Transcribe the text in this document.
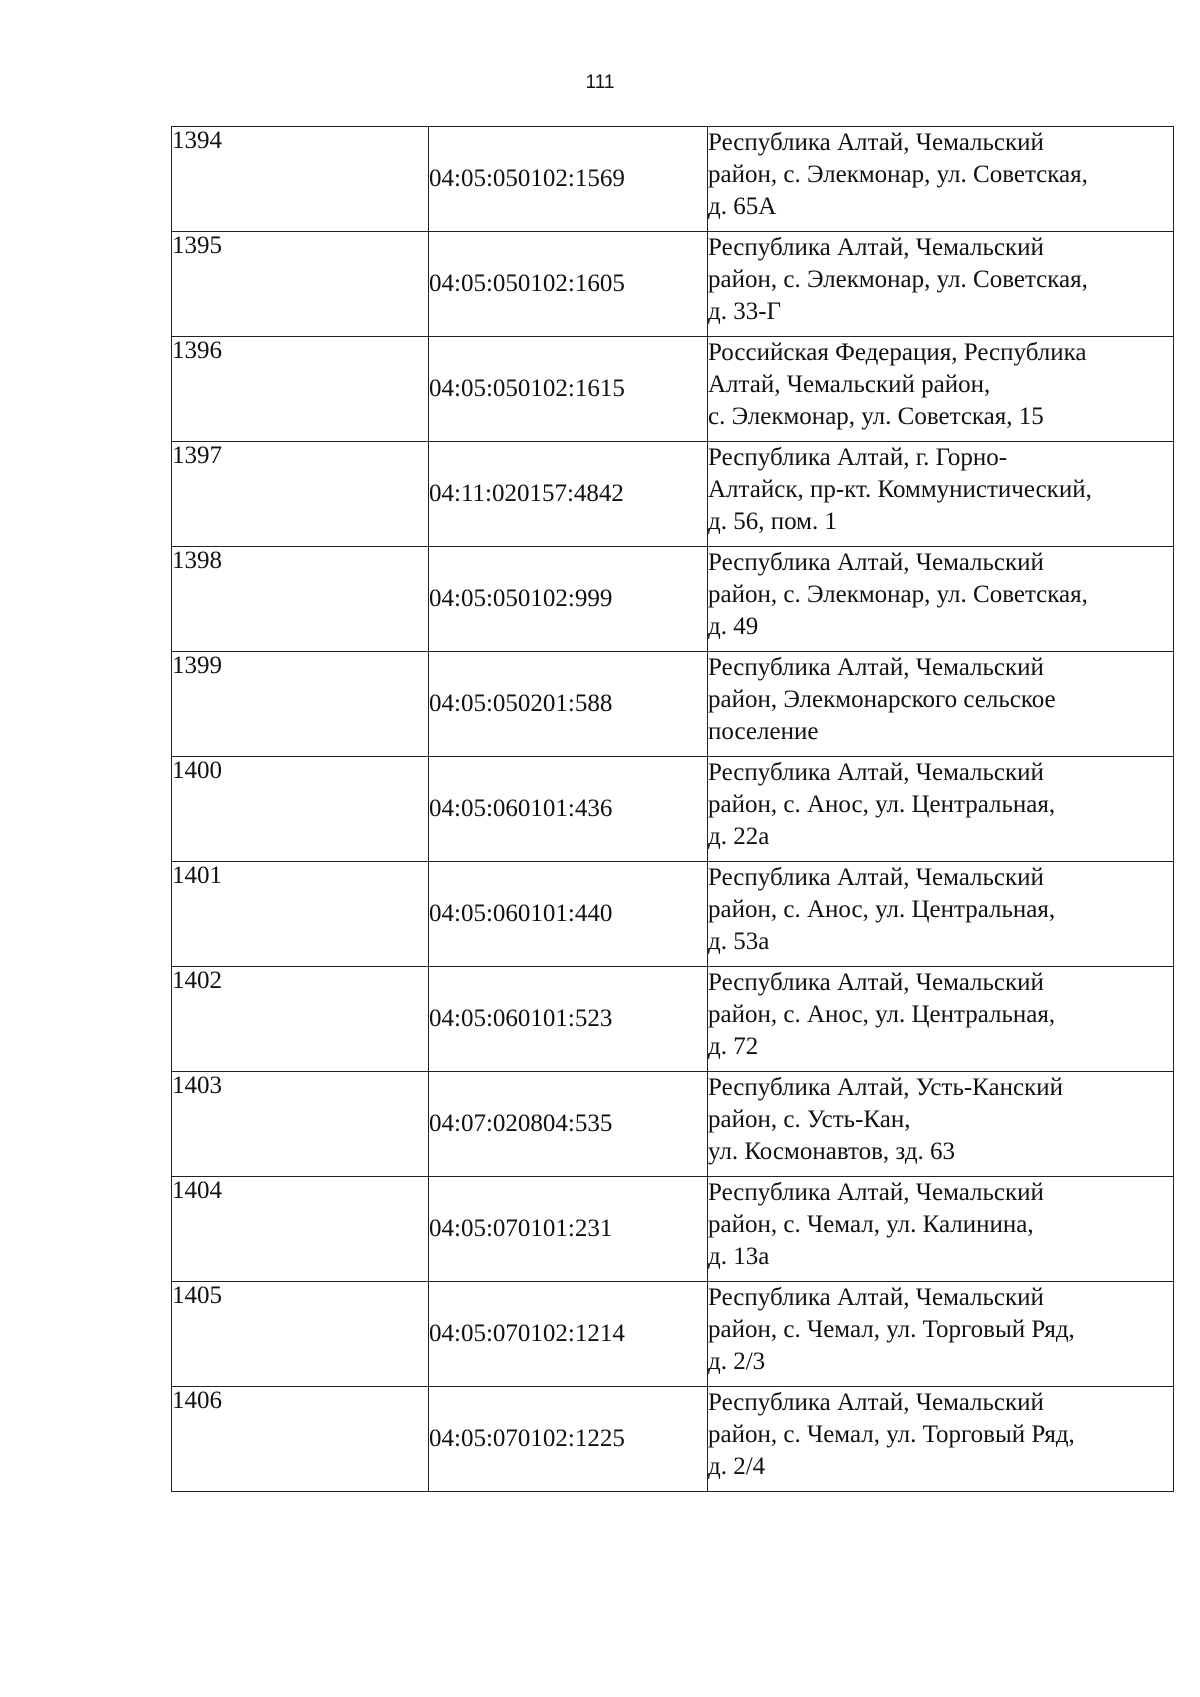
111
1394	04:05:050102:1569	Республика Алтай, Чемальский
район, с. Элекмонар, ул. Советская,
д. 65А

1395	04:05:050102:1605	Республика Алтай, Чемальский
район, с. Элекмонар, ул. Советская,
д. 33-Г

1396	04:05:050102:1615	Российская Федерация, Республика
Алтай, Чемальский район,
с. Элекмонар, ул. Советская, 15

1397	04:11:020157:4842	Республика Алтай, г. Горно-
Алтайск, пр-кт. Коммунистический,
д. 56, пом. 1

1398	04:05:050102:999	Республика Алтай, Чемальский
район, с. Элекмонар, ул. Советская,
д. 49

1399	04:05:050201:588	Республика Алтай, Чемальский
район, Элекмонарского сельское
поселение

1400	04:05:060101:436	Республика Алтай, Чемальский
район, с. Анос, ул. Центральная,
д. 22а

1401	04:05:060101:440	Республика Алтай, Чемальский
район, с. Анос, ул. Центральная,
д. 53а

1402	04:05:060101:523	Республика Алтай, Чемальский
район, с. Анос, ул. Центральная,
д. 72

1403	04:07:020804:535	Республика Алтай, Усть-Канский
район, с. Усть-Кан,
ул. Космонавтов, зд. 63

1404	04:05:070101:231	Республика Алтай, Чемальский
район, с. Чемал, ул. Калинина,
д. 13а

1405	04:05:070102:1214	Республика Алтай, Чемальский
район, с. Чемал, ул. Торговый Ряд,
д. 2/3

1406	04:05:070102:1225	Республика Алтай, Чемальский
район, с. Чемал, ул. Торговый Ряд,
д. 2/4
